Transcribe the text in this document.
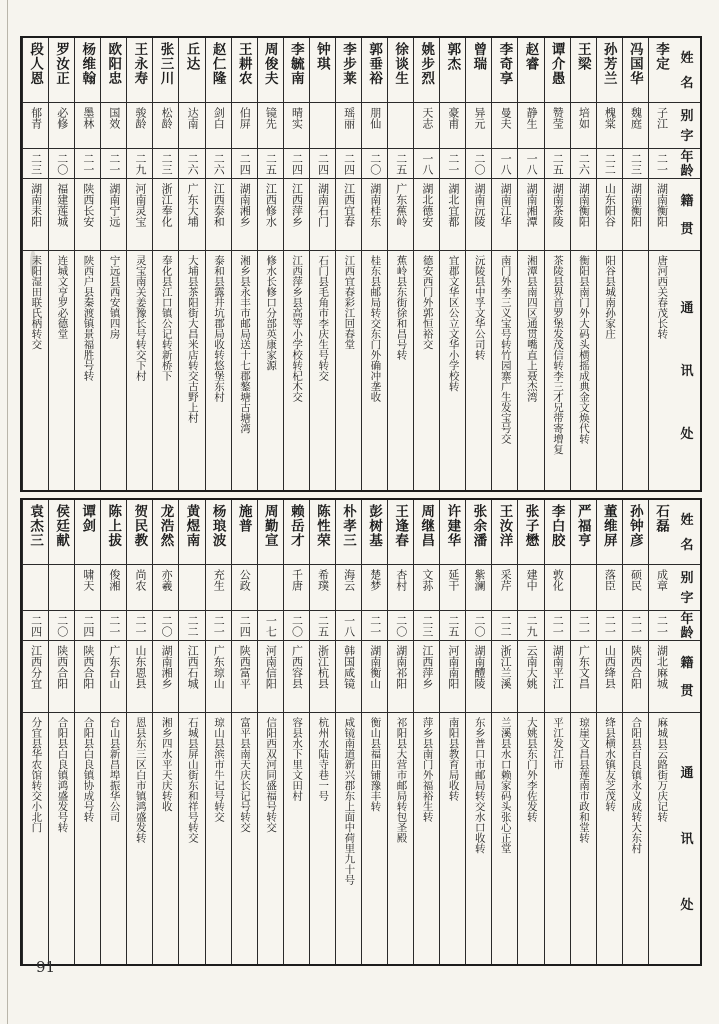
姓
名
别
字
年
龄
籍
贯
通
讯
处
李定
子江
二一
湖南衡阳
唐河西关春茂长转
冯国华
魏庭
二三
湖南衡阳
孙芳兰
槐棠
二二
山东阳谷
阳谷县城南孙家庄
王梁
培如
二六
湖南衡阳
衡阳县南门外大码头横摇成典金文焕代转
谭介愚
赞莹
二五
湖南茶陵
茶陵县界首罗堡发茂信转李三才兄带寄增复
赵睿
静生
一八
湖南湘潭
湘潭县南四区通贯嘴直上聂杰湾
李奇享
曼夫
一八
湖南江华
南门外李三义宝号转竹园寨广生发宝号交
曾瑞
异元
二〇
湖南沅陵
沅陵县中孚文华公司转
郭杰
豪甫
二一
湖北宜都
宜郡文华区公立文华小学校转
姚步烈
天志
一八
湖北德安
德安西门外郭恒裕交
徐谈生
二五
广东蕉岭
蕉岭县东街徐和昌号转
郭垂裕
朋仙
二〇
湖南桂东
桂东县邮局转交东门外确冲垄收
李步莱
瑶丽
二四
江西宜春
江西宜春彩江回春堂
钟琪
二四
湖南石门
石门县毛角市李庆生号转交
李毓南
晴实
二四
江西萍乡
江西萍乡县高等小学校转杞木交
周俊夫
镜先
二五
江西修水
修水长修口分部英康家源
王耕农
伯屏
二四
湖南湘乡
湘乡县永丰市邮局送十七郡鏊塘古塘湾
赵仁隆
剑白
二六
江西泰和
泰和县露井坑郡局收转悠堡东村
丘达
达南
二六
广东大埔
大埔县茶阳街大昌米店转交古野上村
张三川
松龄
二三
浙江奉化
奉化县江口镇公记转新桥下
王永寿
骏龄
二九
河南灵宝
灵宝南关姜豫长号转交下村
欧阳忠
国效
二一
湖南宁远
宁远县西安镇四房
杨维翰
墨林
二一
陕西长安
陕西户县秦渡镇景福胜号转
罗汝正
必修
二〇
福建莲城
连城文亨罗必德堂
段人恩
郁青
二三
湖南耒阳
耒阳湿田联氏柄转交
姓
名
别
字
年
龄
籍
贯
通
讯
处
石磊
成章
二一
湖北麻城
麻城县云路街万庆记转
孙钟彦
硕民
二一
陕西合阳
合阳县百良镇永义成转大东村
董维屏
落臣
二一
山西绛县
绛县横水镇友芝茂转
严福亨
二一
广东文昌
琼崖文昌县莲南市政和堂转
李白胶
敦化
二一
湖南平江
平江发江市
张子懋
建中
二九
云南大姚
大姚县东门外李佐发转
王汝洋
采芹
二二
浙江兰溪
兰溪县水口赖家码头张心正堂
张余潘
紫澜
二〇
湖南醴陵
东乡普口市邮局转交水口收转
许建华
延干
二五
河南南阳
南阳县教育局收转
周继昌
文荪
二三
江西萍乡
萍乡县南门外福裕生转
王逢春
杏村
二〇
湖南祁阳
祁阳县大营市邮局转包圣殿
彭树基
楚梦
二一
湖南衡山
衡山县福田铺豫丰转
朴孝三
海云
一八
韩国咸镜
咸镜南道新兴郡东上面中荷里九十号
陈性荣
希璞
二五
浙江杭县
杭州水陆寺巷一号
赖岳才
千唐
二〇
广西容县
容县水下里文田村
周勤宣
一七
河南信阳
信阳西双河同盛福号转交
施普
公政
二四
陕西富平
富平县南天庆长记号转交
杨琅波
充生
二一
广东琼山
琼山县滨市牛记号转交
黄煜南
二二
江西石城
石城县屏山街东和祥号转交
龙浩然
亦羲
二〇
湖南湘乡
湘乡四水平天庆转收
贺民教
尚农
二一
山东恩县
恩县东三区白市镇鸿盛发转
陈上拔
俊湘
二一
广东台山
台山县新昌埠振华公司
谭剑
啸天
二四
陕西合阳
合阳县白良镇协成号转
侯廷献
二〇
陕西合阳
合阳县白良镇鸿盛发号转
袁杰三
二四
江西分宜
分宜县华农馆转交小北门
91
